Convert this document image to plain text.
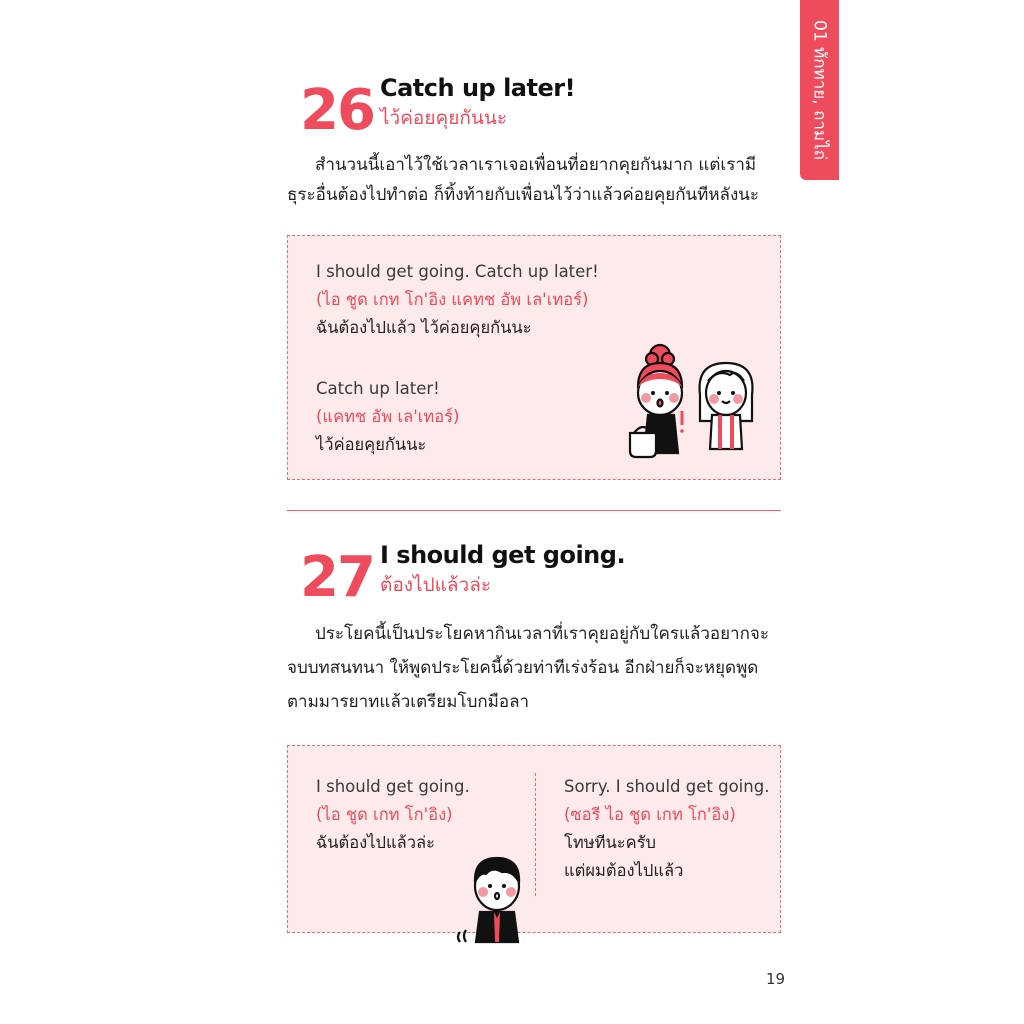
01 ทักทาย, ถามไถ่
26 Catch up later!
ไว้ค่อยคุยกันนะ

สำนวนนี้เอาไว้ใช้เวลาเราเจอเพื่อนที่อยากคุยกันมาก แต่เรามี

ธุระอื่นต้องไปทำต่อ ก็ทิ้งท้ายกับเพื่อนไว้ว่าแล้วค่อยคุยกันทีหลังนะ

I should get going. Catch up later!
(ไอ ชูด เกท โก'อิง แคทช อัพ เล'เทอร์)
ฉันต้องไปแล้ว ไว้ค่อยคุยกันนะ
Catch up later!
(แคทช อัพ เล'เทอร์)
ไว้ค่อยคุยกันนะ
27 I should get going.
ต้องไปแล้วล่ะ

ประโยคนี้เป็นประโยคหากินเวลาที่เราคุยอยู่กับใครแล้วอยากจะ

จบบทสนทนา ให้พูดประโยคนี้ด้วยท่าทีเร่งร้อน อีกฝ่ายก็จะหยุดพูด

ตามมารยาทแล้วเตรียมโบกมือลา

I should get going.
(ไอ ชูด เกท โก'อิง)
ฉันต้องไปแล้วล่ะ
Sorry. I should get going.
(ซอรี ไอ ชูด เกท โก'อิง)
โทษทีนะครับ
แต่ผมต้องไปแล้ว
19
